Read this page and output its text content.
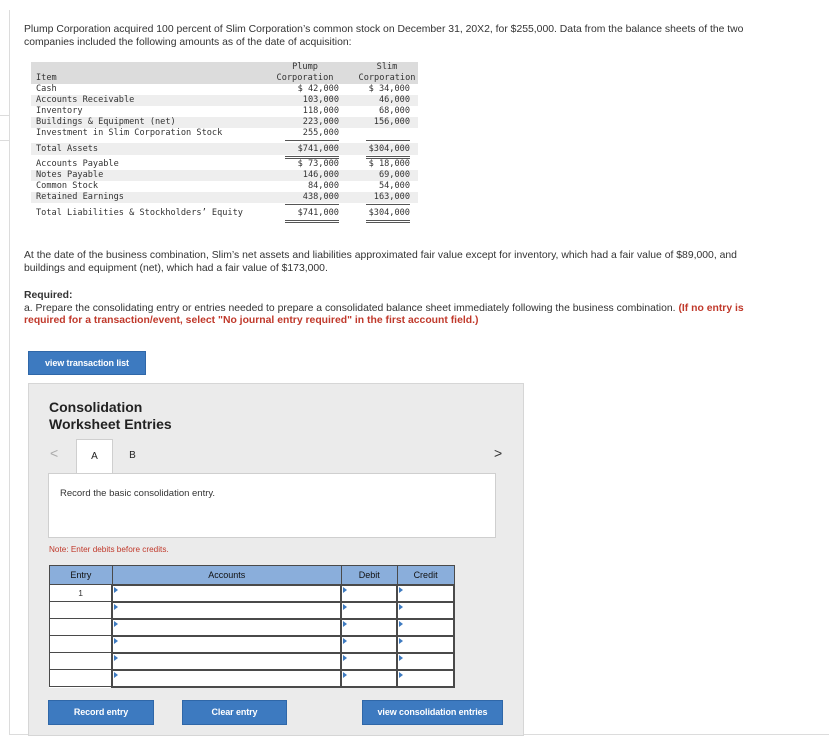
Plump Corporation acquired 100 percent of Slim Corporation’s common stock on December 31, 20X2, for $255,000. Data from the balance sheets of the two companies included the following amounts as of the date of acquisition:

Plump	Slim
Item	Corporation	Corporation
Cash	$ 42,000	$ 34,000
Accounts Receivable	103,000	46,000
Inventory	118,000	68,000
Buildings & Equipment (net)	223,000	156,000
Investment in Slim Corporation Stock	255,000
Total Assets	$741,000	$304,000
Accounts Payable	$ 73,000	$ 18,000
Notes Payable	146,000	69,000
Common Stock	84,000	54,000
Retained Earnings	438,000	163,000
Total Liabilities & Stockholders’ Equity	$741,000	$304,000

At the date of the business combination, Slim’s net assets and liabilities approximated fair value except for inventory, which had a fair value of $89,000, and buildings and equipment (net), which had a fair value of $173,000.

Required:

a. Prepare the consolidating entry or entries needed to prepare a consolidated balance sheet immediately following the business combination. (If no entry is required for a transaction/event, select "No journal entry required" in the first account field.)

view transaction list
Consolidation
Worksheet Entries
<	A	B	>
Record the basic consolidation entry.
Note: Enter debits before credits.
Entry	Accounts	Debit	Credit
1	

Record entry	Clear entry	view consolidation entries
